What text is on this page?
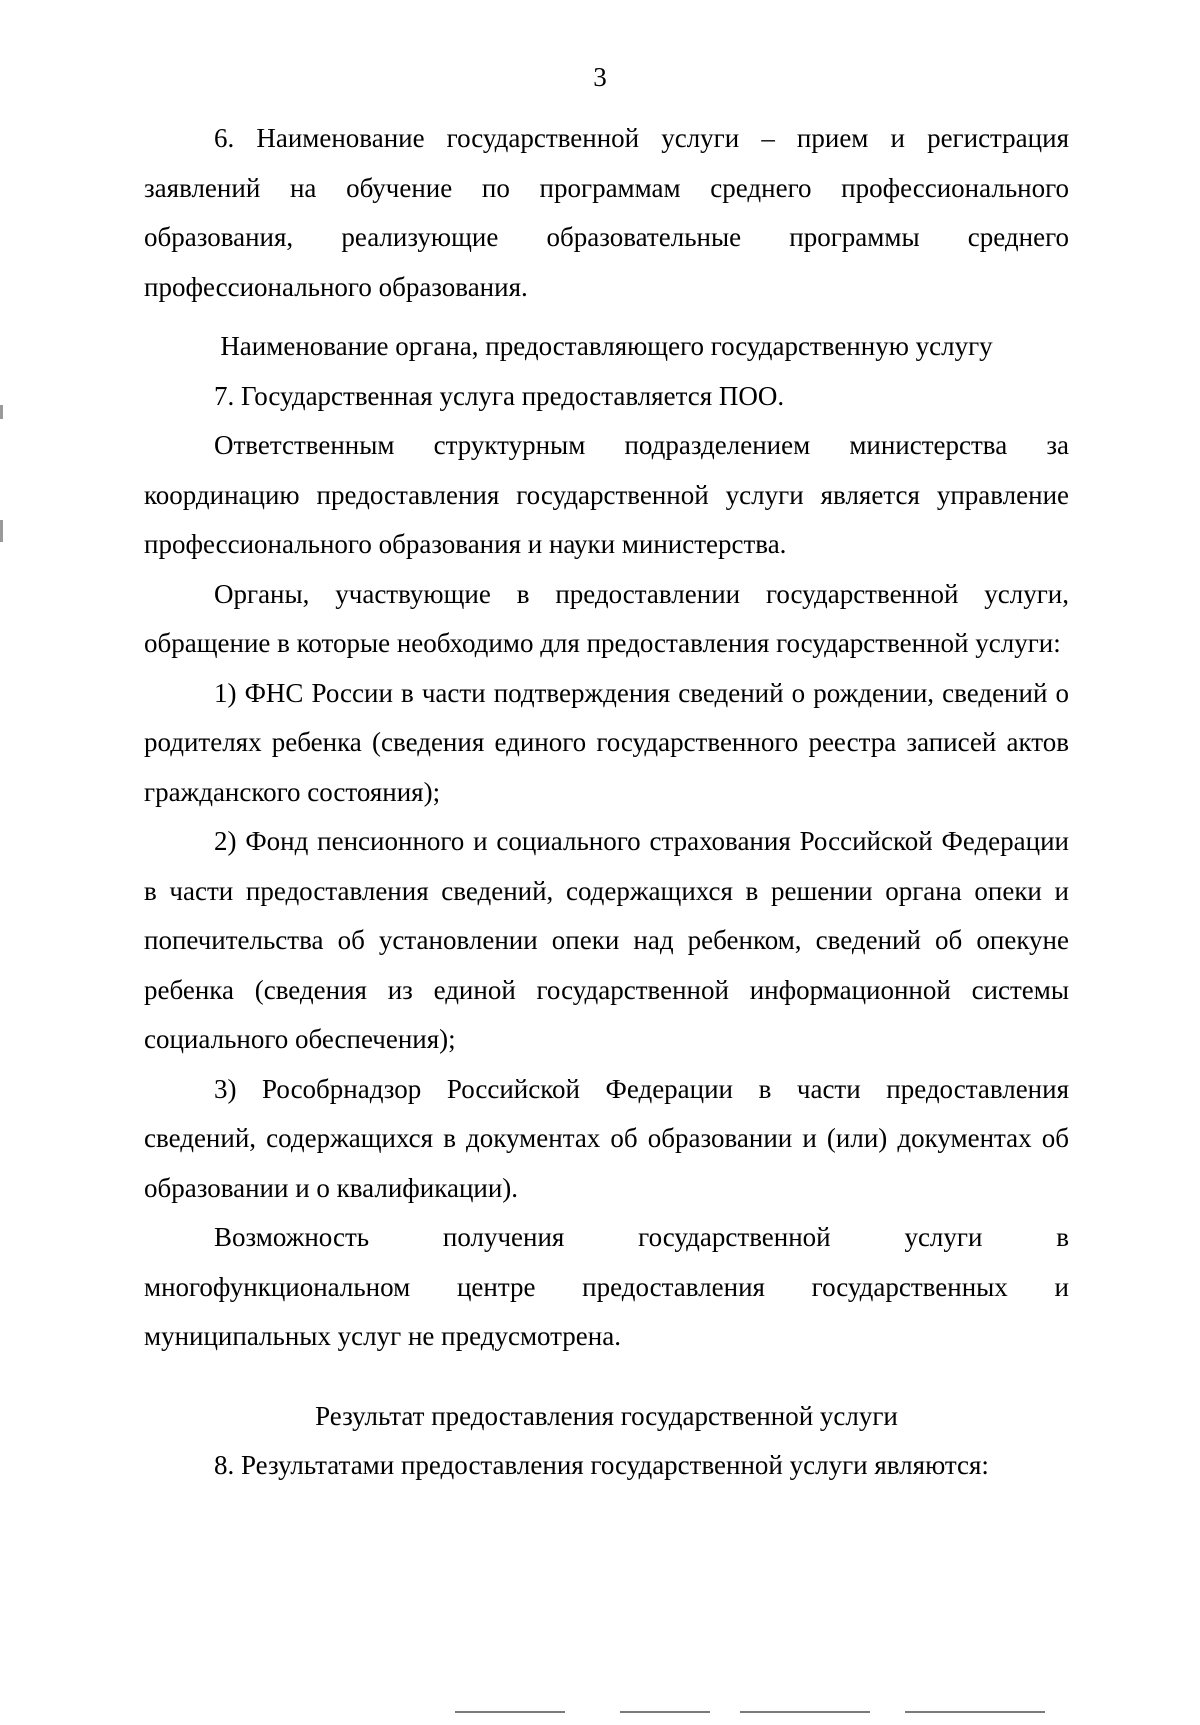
3

6. Наименование государственной услуги – прием и регистрация заявлений на обучение по программам среднего профессионального образования, реализующие образовательные программы среднего профессионального образования.

Наименование органа, предоставляющего государственную услугу

7. Государственная услуга предоставляется ПОО.

Ответственным структурным подразделением министерства за координацию предоставления государственной услуги является управление профессионального образования и науки министерства.

Органы, участвующие в предоставлении государственной услуги, обращение в которые необходимо для предоставления государственной услуги:

1) ФНС России в части подтверждения сведений о рождении, сведений о родителях ребенка (сведения единого государственного реестра записей актов гражданского состояния);

2) Фонд пенсионного и социального страхования Российской Федерации в части предоставления сведений, содержащихся в решении органа опеки и попечительства об установлении опеки над ребенком, сведений об опекуне ребенка (сведения из единой государственной информационной системы социального обеспечения);

3) Рособрнадзор Российской Федерации в части предоставления сведений, содержащихся в документах об образовании и (или) документах об образовании и о квалификации).

Возможность получения государственной услуги в многофункциональном центре предоставления государственных и муниципальных услуг не предусмотрена.

Результат предоставления государственной услуги

8. Результатами предоставления государственной услуги являются:
